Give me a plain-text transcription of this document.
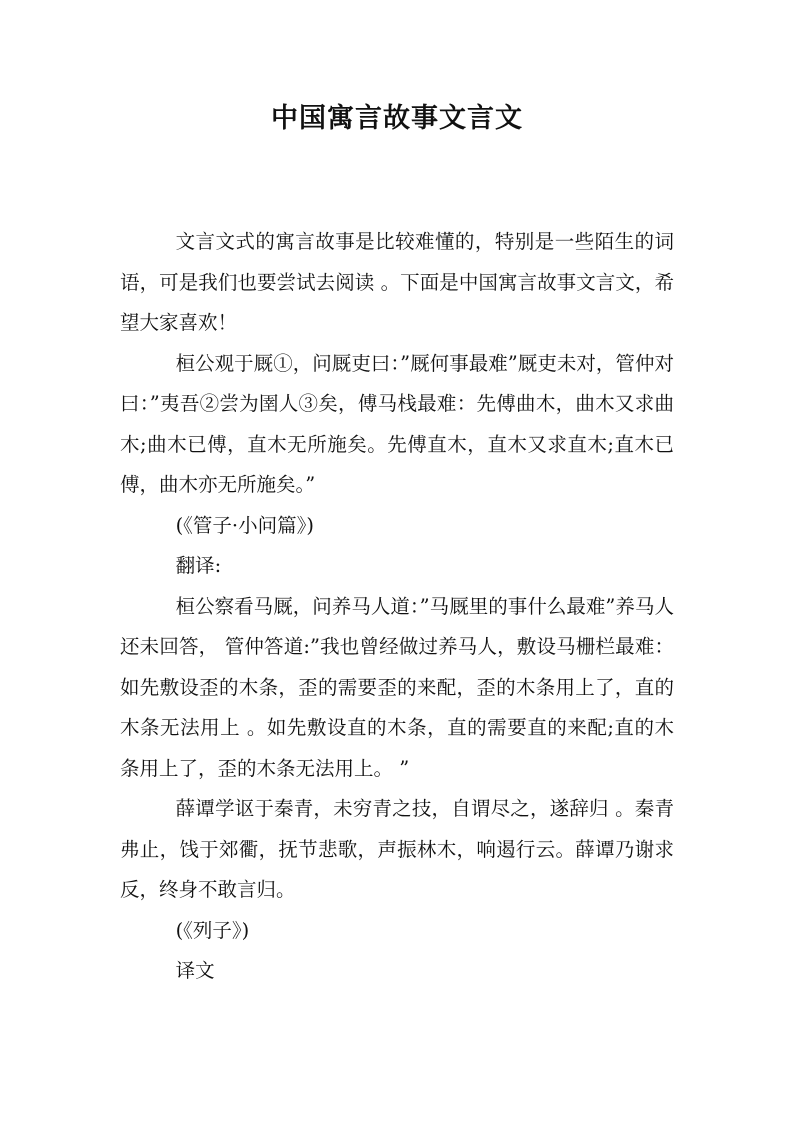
中国寓言故事文言文

文言文式的寓言故事是比较难懂的，特别是一些陌生的词语，可是我们也要尝试去阅读 。下面是中国寓言故事文言文，希望大家喜欢！

桓公观于厩①，问厩吏曰：”厩何事最难”厩吏未对，管仲对曰：”夷吾②尝为圉人③矣，傅马栈最难：先傅曲木，曲木又求曲木;曲木已傅，直木无所施矣。先傅直木，直木又求直木;直木已傅，曲木亦无所施矣。”

(《管子·小问篇》)

翻译:

桓公察看马厩，问养马人道：”马厩里的事什么最难”养马人还未回答， 管仲答道:”我也曾经做过养马人，敷设马栅栏最难：如先敷设歪的木条，歪的需要歪的来配，歪的木条用上了，直的木条无法用上 。如先敷设直的木条，直的需要直的来配;直的木条用上了，歪的木条无法用上。 ”

薛谭学讴于秦青，未穷青之技，自谓尽之，遂辞归 。秦青弗止，饯于郊衢，抚节悲歌，声振林木，响遏行云。薛谭乃谢求反，终身不敢言归。

(《列子》)

译文
